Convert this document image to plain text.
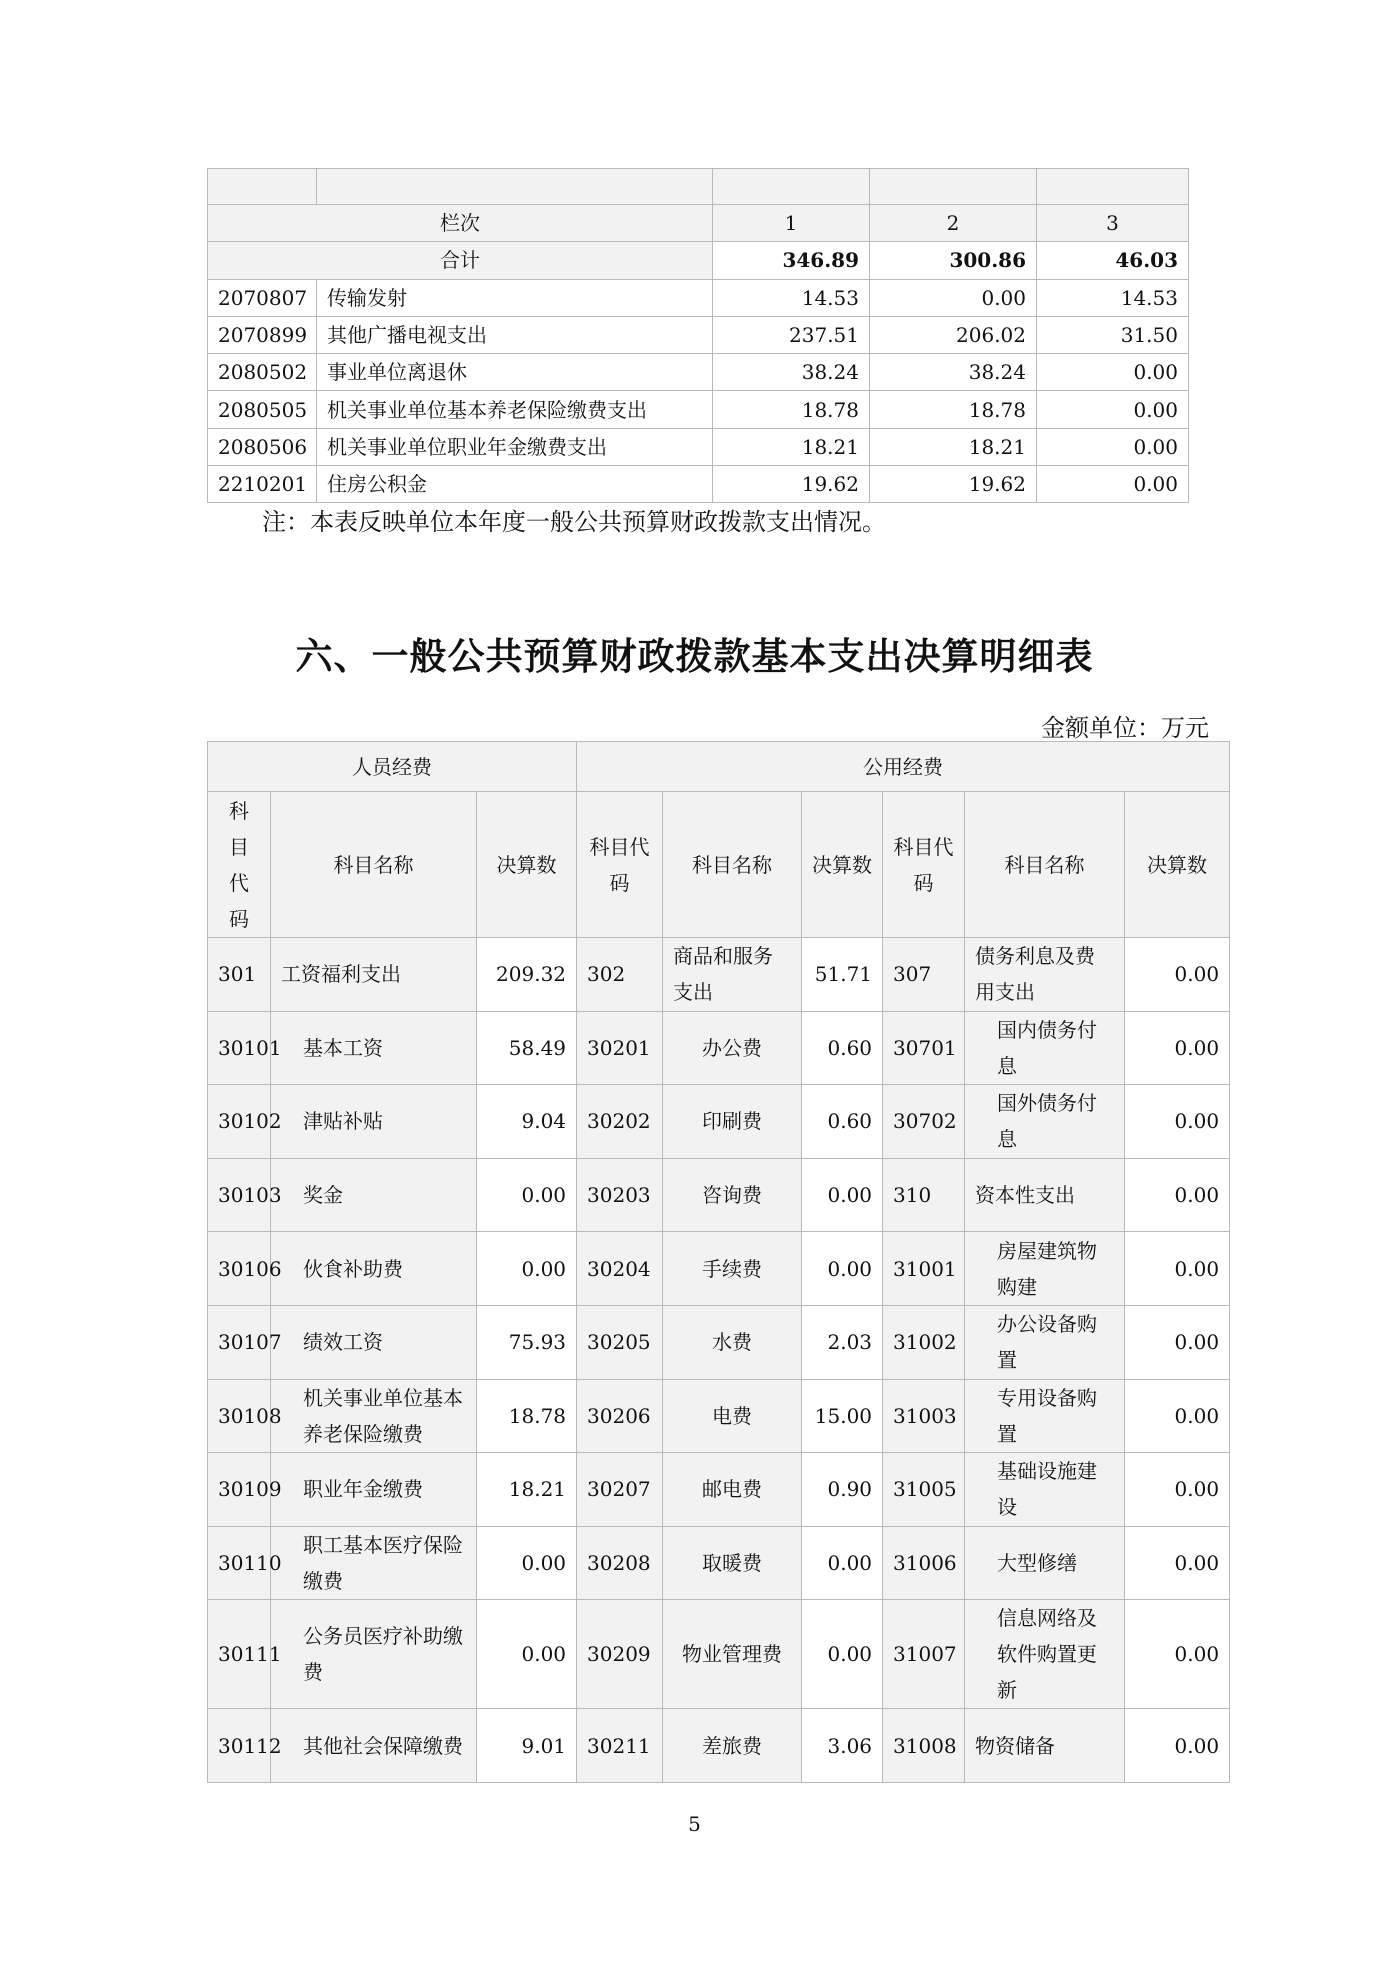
栏次		1	2	3
合计		346.89	300.86	46.03
2070807	传输发射	14.53	0.00	14.53
2070899	其他广播电视支出	237.51	206.02	31.50
2080502	事业单位离退休	38.24	38.24	0.00
2080505	机关事业单位基本养老保险缴费支出	18.78	18.78	0.00
2080506	机关事业单位职业年金缴费支出	18.21	18.21	0.00
2210201	住房公积金	19.62	19.62	0.00
注：本表反映单位本年度一般公共预算财政拨款支出情况。
六、一般公共预算财政拨款基本支出决算明细表
金额单位：万元
人员经费			公用经费					

科目代码	科目名称	决算数	科目代码	科目名称	决算数	科目代码	科目名称	决算数
301	工资福利支出	209.32	302	商品和服务支出	51.71	307	债务利息及费用支出	0.00
30101	基本工资	58.49	30201	办公费	0.60	30701	国内债务付息	0.00
30102	津贴补贴	9.04	30202	印刷费	0.60	30702	国外债务付息	0.00
30103	奖金	0.00	30203	咨询费	0.00	310	资本性支出	0.00
30106	伙食补助费	0.00	30204	手续费	0.00	31001	房屋建筑物购建	0.00
30107	绩效工资	75.93	30205	水费	2.03	31002	办公设备购置	0.00
30108	机关事业单位基本养老保险缴费	18.78	30206	电费	15.00	31003	专用设备购置	0.00
30109	职业年金缴费	18.21	30207	邮电费	0.90	31005	基础设施建设	0.00
30110	职工基本医疗保险缴费	0.00	30208	取暖费	0.00	31006	大型修缮	0.00
30111	公务员医疗补助缴费	0.00	30209	物业管理费	0.00	31007	信息网络及软件购置更新	0.00
30112	其他社会保障缴费	9.01	30211	差旅费	3.06	31008	物资储备	0.00
5
